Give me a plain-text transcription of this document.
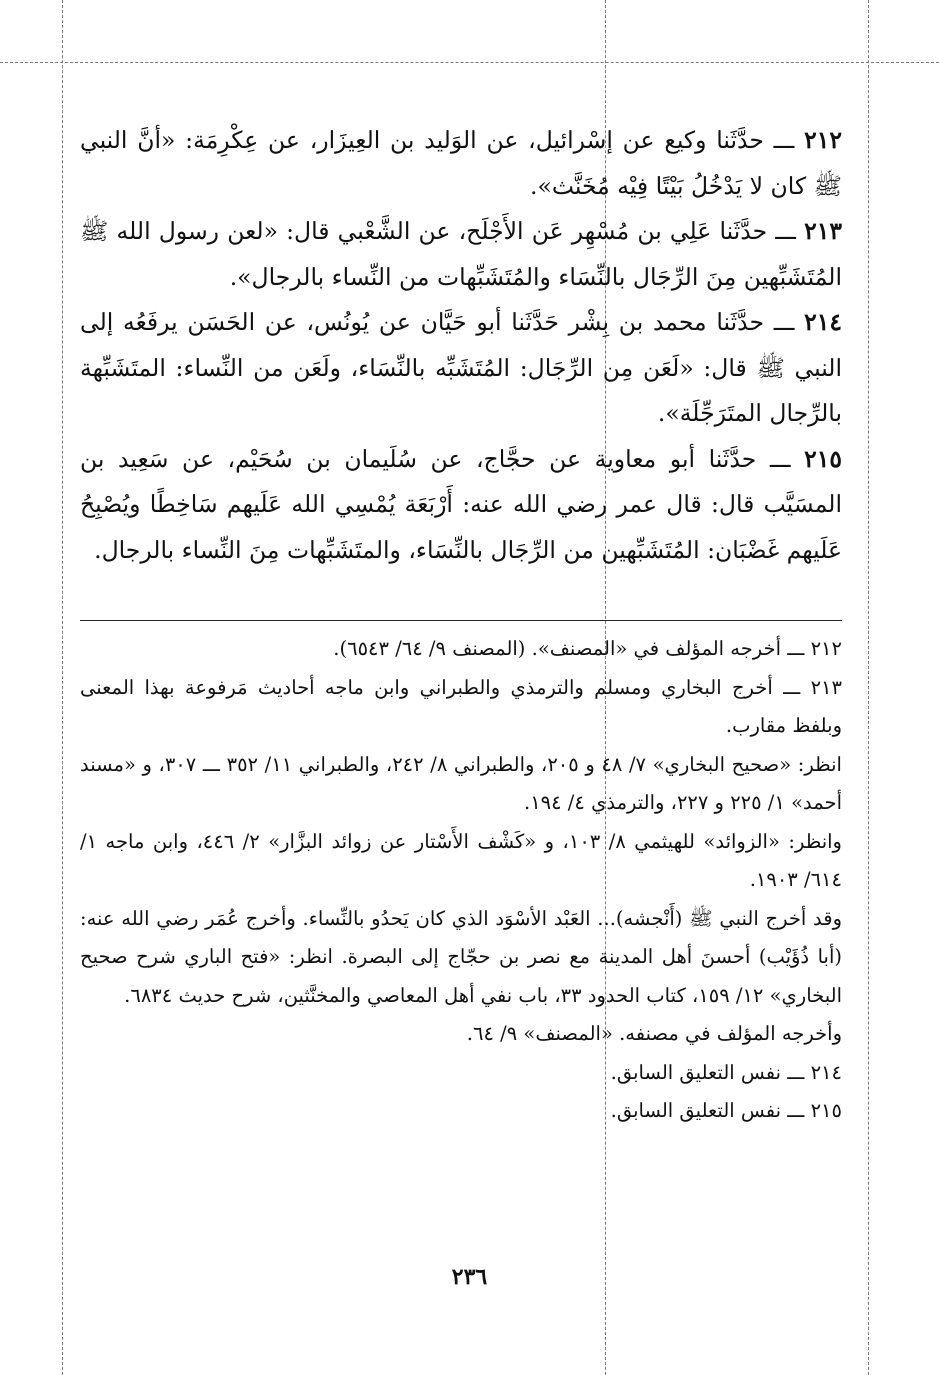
٢١٢ ـــ حدَّثَنا وكيع عن إسْرائيل، عن الوَليد بن العِيزَار، عن عِكْرِمَة: «أنَّ النبي ﷺ كان لا يَدْخُلُ بَيْتًا فِيْه مُخَنَّث».

٢١٣ ـــ حدَّثَنا عَلِي بن مُسْهِر عَن الأَجْلَح، عن الشَّعْبي قال: «لعن رسول الله ﷺ المُتَشَبِّهين مِنَ الرِّجَال بالنِّسَاء والمُتَشَبِّهات من النِّساء بالرجال».

٢١٤ ـــ حدَّثَنا محمد بن بِشْر حَدَّثَنا أبو حَيَّان عن يُونُس، عن الحَسَن يرفَعُه إلى النبي ﷺ قال: «لَعَن مِن الرِّجَال: المُتَشَبِّه بالنِّسَاء، ولَعَن من النِّساء: المتَشَبِّهة بالرِّجال المتَرَجِّلَة».

٢١٥ ـــ حدَّثَنا أبو معاوية عن حجَّاج، عن سُلَيمان بن سُحَيْم، عن سَعِيد بن المسَيَّب قال: قال عمر رضي الله عنه: أَرْبَعَة يُمْسِي الله عَلَيهم سَاخِطًا ويُصْبِحُ عَلَيهم غَضْبَان: المُتَشَبِّهين من الرِّجَال بالنِّسَاء، والمتَشَبِّهات مِنَ النِّساء بالرجال.

٢١٢ ـــ أخرجه المؤلف في «المصنف». (المصنف ٩/ ٦٤/ ٦٥٤٣).

٢١٣ ـــ أخرج البخاري ومسلم والترمذي والطبراني وابن ماجه أحاديث مَرفوعة بهذا المعنى وبلفظ مقارب.

انظر: «صحيح البخاري» ٧/ ٤٨ و ٢٠٥، والطبراني ٨/ ٢٤٢، والطبراني ١١/ ٣٥٢ ـــ ٣٠٧، و «مسند أحمد» ١/ ٢٢٥ و ٢٢٧، والترمذي ٤/ ١٩٤.

وانظر: «الزوائد» للهيثمي ٨/ ١٠٣، و «كَشْف الأَسْتار عن زوائد البزَّار» ٢/ ٤٤٦، وابن ماجه ١/ ٦١٤/ ١٩٠٣.

وقد أخرج النبي ﷺ (أَنْجشه)... العَبْد الأسْوَد الذي كان يَحدُو بالنِّساء. وأخرج عُمَر رضي الله عنه: (أبا ذُؤَيْب) أحسنَ أهل المدينة مع نصر بن حجّاج إلى البصرة. انظر: «فتح الباري شرح صحيح البخاري» ١٢/ ١٥٩، كتاب الحدود ٣٣، باب نفي أهل المعاصي والمخنَّثين، شرح حديث ٦٨٣٤.

وأخرجه المؤلف في مصنفه. «المصنف» ٩/ ٦٤.

٢١٤ ـــ نفس التعليق السابق.

٢١٥ ـــ نفس التعليق السابق.

٢٣٦
